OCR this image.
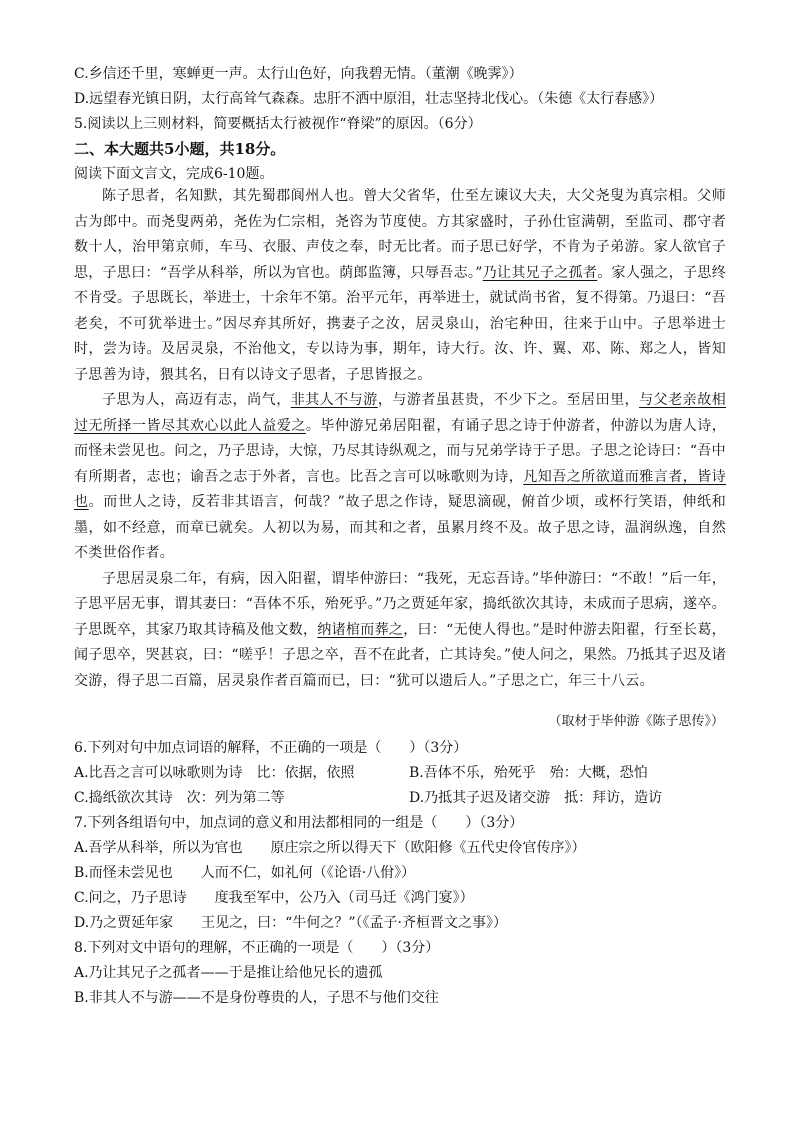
C.乡信还千里，寒蝉更一声。太行山色好，向我碧无情。（董潮《晚霁》）
D.远望春光镇日阴，太行高耸气森森。忠肝不洒中原泪，壮志坚持北伐心。（朱德《太行春感》）
5.阅读以上三则材料，简要概括太行被视作“脊梁”的原因。（6分）
二、本大题共5小题，共18分。
阅读下面文言文，完成6-10题。

陈子思者，名知默，其先蜀郡阆州人也。曾大父省华，仕至左谏议大夫，大父尧叟为真宗相。父师古为郎中。而尧叟两弟，尧佐为仁宗相，尧咨为节度使。方其家盛时，子孙仕宦满朝，至监司、郡守者数十人，治甲第京师，车马、衣服、声伎之奉，时无比者。而子思已好学，不肯为子弟游。家人欲官子思，子思曰：“吾学从科举，所以为官也。荫郎监簿，只辱吾志。”乃让其兄子之孤者。家人强之，子思终不肯受。子思既长，举进士，十余年不第。治平元年，再举进士，就试尚书省，复不得第。乃退曰：“吾老矣，不可犹举进士。”因尽弃其所好，携妻子之汝，居灵泉山，治宅种田，往来于山中。子思举进士时，尝为诗。及居灵泉，不治他文，专以诗为事，期年，诗大行。汝、许、翼、邓、陈、郑之人，皆知子思善为诗，猥其名，日有以诗文子思者，子思皆报之。

子思为人，高迈有志，尚气，非其人不与游，与游者虽甚贵，不少下之。至居田里，与父老亲故相过无所择一皆尽其欢心以此人益爱之。毕仲游兄弟居阳翟，有诵子思之诗于仲游者，仲游以为唐人诗，而怪未尝见也。问之，乃子思诗，大惊，乃尽其诗纵观之，而与兄弟学诗于子思。子思之论诗曰：“吾中有所期者，志也；谕吾之志于外者，言也。比吾之言可以咏歌则为诗，凡知吾之所欲道而雅言者，皆诗也。而世人之诗，反若非其语言，何哉？”故子思之作诗，疑思滴砚，俯首少顷，或杯行笑语，伸纸和墨，如不经意，而章已就矣。人初以为易，而其和之者，虽累月终不及。故子思之诗，温润纵逸，自然不类世俗作者。

子思居灵泉二年，有病，因入阳翟，谓毕仲游曰：“我死，无忘吾诗。”毕仲游曰：“不敢！”后一年，子思平居无事，谓其妻曰：“吾体不乐，殆死乎。”乃之贾延年家，捣纸欲次其诗，未成而子思病，遂卒。子思既卒，其家乃取其诗稿及他文数，纳诸棺而葬之，曰：“无使人得也。”是时仲游去阳翟，行至长葛，闻子思卒，哭甚哀，曰：“嗟乎！子思之卒，吾不在此者，亡其诗矣。”使人问之，果然。乃抵其子迟及诸交游，得子思二百篇，居灵泉作者百篇而已，曰：“犹可以遗后人。”子思之亡，年三十八云。

（取材于毕仲游《陈子思传》）
6.下列对句中加点词语的解释，不正确的一项是（　　）（3分）
A.比吾之言可以咏歌则为诗　比：依据，依照	B.吾体不乐，殆死乎　殆：大概，恐怕
C.捣纸欲次其诗　次：列为第二等	D.乃抵其子迟及诸交游　抵：拜访，造访
7.下列各组语句中，加点词的意义和用法都相同的一组是（　　）（3分）
A.吾学从科举，所以为官也　　原庄宗之所以得天下（欧阳修《五代史伶官传序》）
B.而怪未尝见也　　人而不仁，如礼何（《论语·八佾》）
C.问之，乃子思诗　　度我至军中，公乃入（司马迁《鸿门宴》）
D.乃之贾延年家　　王见之，曰：“牛何之？”（《孟子·齐桓晋文之事》）
8.下列对文中语句的理解，不正确的一项是（　　）（3分）
A.乃让其兄子之孤者——于是推让给他兄长的遗孤
B.非其人不与游——不是身份尊贵的人，子思不与他们交往
